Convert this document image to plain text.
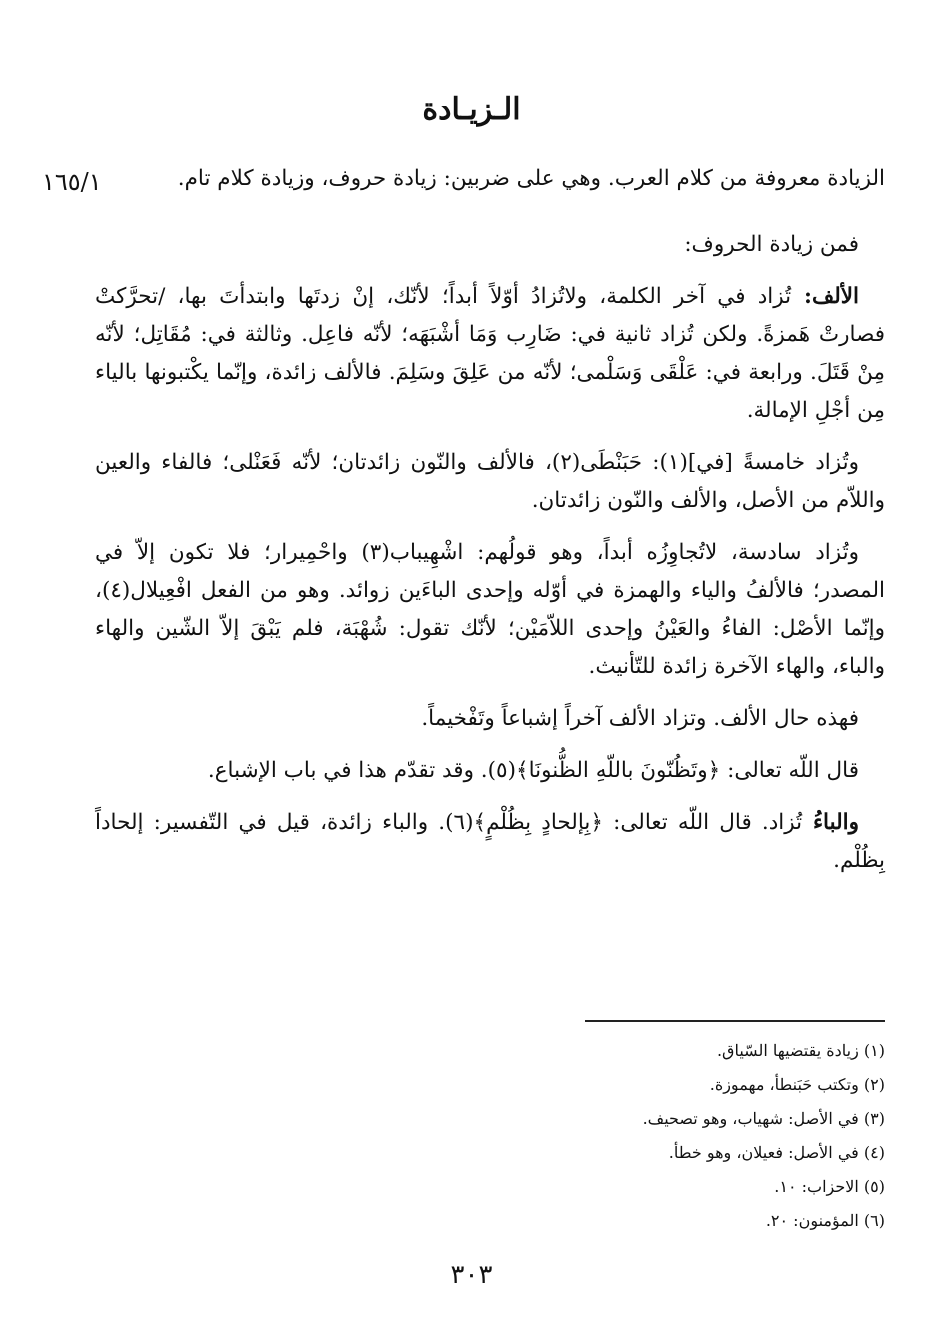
الـزيـادة
١٦٥/١	الزيادة معروفة من كلام العرب. وهي على ضربين: زيادة حروف، وزيادة كلام تام.

فمن زيادة الحروف:

الألف: تُزاد في آخر الكلمة، ولاتُزادُ أوّلاً أبداً؛ لأنّك، إنْ زدتَها وابتدأتَ بها، /تحرَّكتْ فصارتْ هَمزةً. ولكن تُزاد ثانية في: ضَارِب وَمَا أشْبَهَه؛ لأنّه فاعِل. وثالثة في: مُقَاتِل؛ لأنّه مِنْ قَتَلَ. ورابعة في: عَلْقَى وَسَلْمى؛ لأنّه من عَلِقَ وسَلِمَ. فالألف زائدة، وإنّما يكْتبونها بالياء مِن أجْلِ الإمالة.

وتُزاد خامسةً [في](١): حَبَنْطَى(٢)، فالألف والنّون زائدتان؛ لأنّه فَعَنْلى؛ فالفاء والعين واللاّم من الأصل، والألف والنّون زائدتان.

وتُزاد سادسة، لاتُجاوِزُه أبداً، وهو قولُهم: اشْهِيباب(٣) واحْمِيرار؛ فلا تكون إلاّ في المصدر؛ فالألفُ والياء والهمزة في أوّله وإحدى الباءَين زوائد. وهو من الفعل افْعِيلال(٤)، وإنّما الأصْل: الفاءُ والعَيْنُ وإحدى اللاّمَيْن؛ لأنّك تقول: شُهْبَة، فلم يَبْقَ إلاّ الشّين والهاء والباء، والهاء الآخرة زائدة للتّأنيث.

فهذه حال الألف. وتزاد الألف آخراً إشباعاً وتَفْخيماً.

قال اللّه تعالى: ﴿وتَظُنّونَ باللّهِ الظُّنونَا﴾(٥). وقد تقدّم هذا في باب الإشباع.

والباءُ تُزاد. قال اللّه تعالى: ﴿بِإلحادٍ بِظُلْمٍ﴾(٦). والباء زائدة، قيل في التّفسير: إلحاداً بِظُلْم.

(١) زيادة يقتضيها السّياق.
(٢) وتكتب حَبَنطأ، مهموزة.
(٣) في الأصل: شهياب، وهو تصحيف.
(٤) في الأصل: فعيلان، وهو خطأ.
(٥) الاحزاب: ١٠.
(٦) المؤمنون: ٢٠.
٣٠٣
